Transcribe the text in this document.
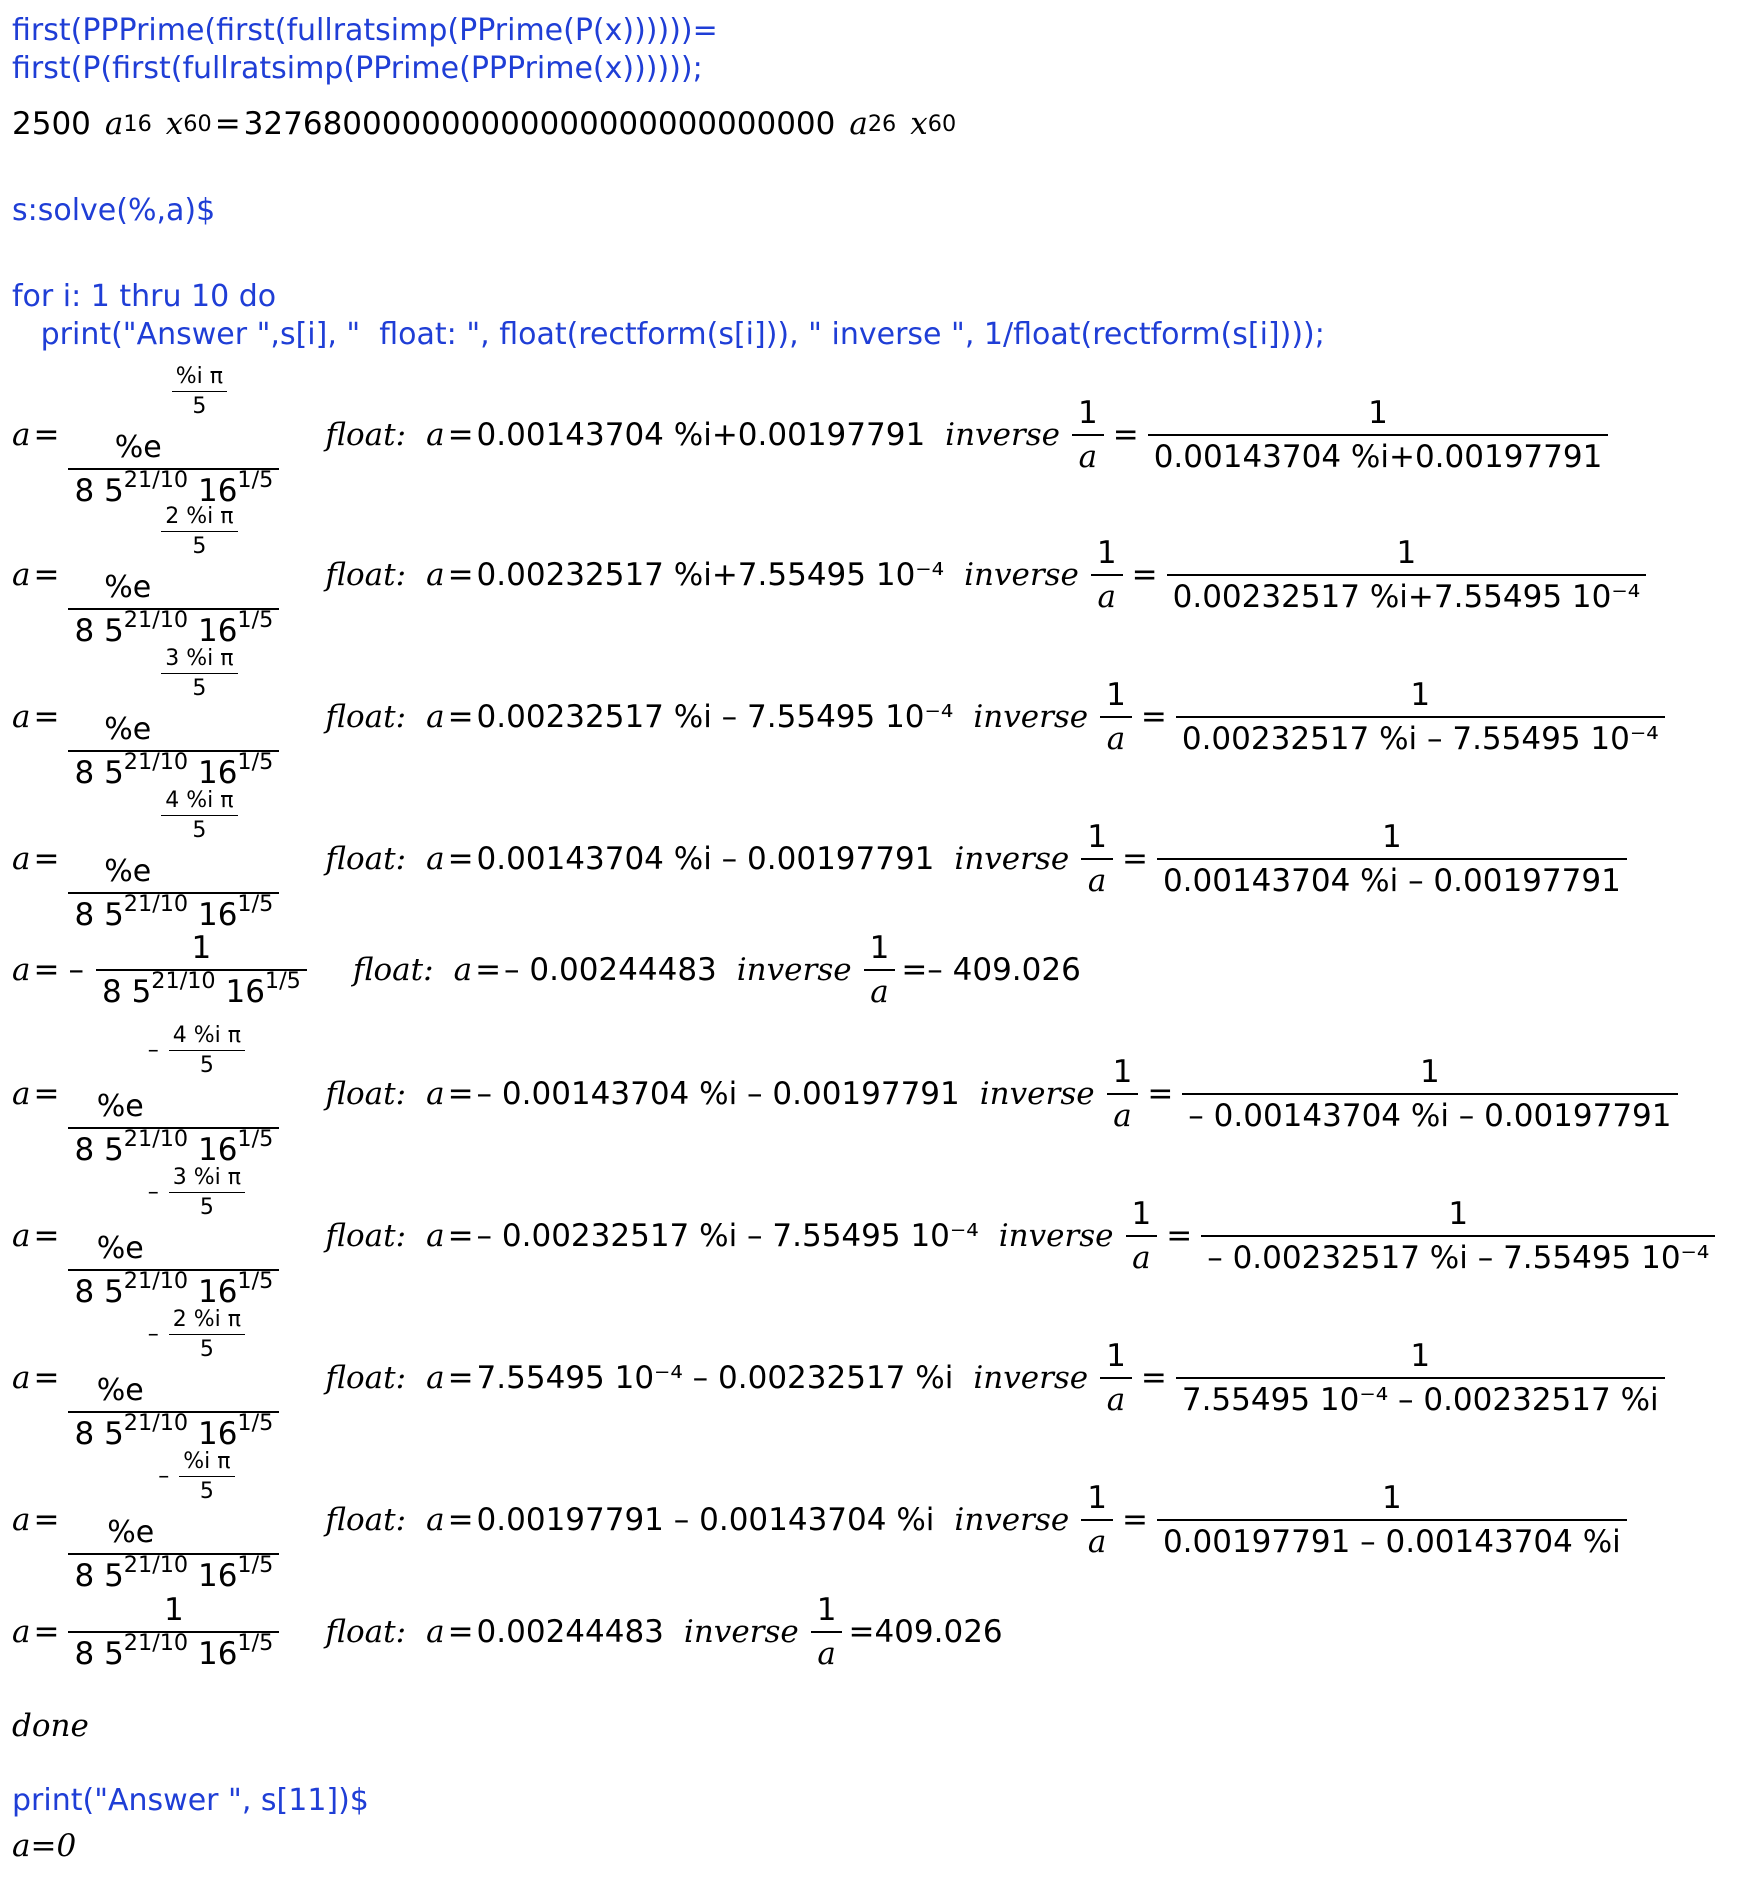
first(PPPrime(first(fullratsimp(PPrime(P(x))))))=
first(P(first(fullratsimp(PPrime(PPPrime(x))))));
2500 a 16 x 60 = 327680000000000000000000000000 a 26 x 60
s:solve(%,a)$
for i: 1 thru 10 do
print("Answer ",s[i], "  float: ", float(rectform(s[i])), " inverse ", 1/float(rectform(s[i])));
a = %e
$\frac{\text{\%i π}}{5}$
8 $5^{21/10}$ $16^{1/5}$ float: a = 0.00143704 %i+0.00197791 inverse $\frac{1}{a} = \frac{1}{0.00143704 \%i+0.00197791}$
a = %e
$\frac{\text{2 \%i π}}{5}$
8 $5^{21/10}$ $16^{1/5}$ float: a = 0.00232517 %i+7.55495 10⁻⁴ inverse $\frac{1}{a} = \frac{1}{\text{0.00232517 \%i+7.55495 10⁻⁴}}$
a = %e
$\frac{\text{3 \%i π}}{5}$
8 $5^{21/10}$ $16^{1/5}$ float: a = 0.00232517 %i – 7.55495 10⁻⁴ inverse $\frac{1}{a} = \frac{1}{\text{0.00232517 \%i – 7.55495 10⁻⁴}}$
a = %e
$\frac{\text{4 \%i π}}{5}$
8 $5^{21/10}$ $16^{1/5}$ float: a = 0.00143704 %i – 0.00197791 inverse $\frac{1}{a} = \frac{1}{0.00143704 \%i - 0.00197791}$
a = – $\frac{1}{8 5^{21/10} 16^{1/5}}$ float: a = – 0.00244483 inverse $\frac{1}{a} =- 409.026$
a = %e
– $\frac{\text{4 \%i π}}{5}$
8 $5^{21/10}$ $16^{1/5}$ float: a = – 0.00143704 %i – 0.00197791 inverse $\frac{1}{a} = \frac{1}{- 0.00143704 \%i - 0.00197791}$
a = %e
– $\frac{\text{3 \%i π}}{5}$
8 $5^{21/10}$ $16^{1/5}$ float: a = – 0.00232517 %i – 7.55495 10⁻⁴ inverse $\frac{1}{a} = \frac{1}{\text{– 0.00232517 \%i – 7.55495 10⁻⁴}}$
a = %e
– $\frac{\text{2 \%i π}}{5}$
8 $5^{21/10}$ $16^{1/5}$ float: a = 7.55495 10⁻⁴ – 0.00232517 %i inverse $\frac{1}{a} = \frac{1}{\text{7.55495 10⁻⁴ – 0.00232517 \%i}}$
a = %e
– $\frac{\text{\%i π}}{5}$
8 $5^{21/10}$ $16^{1/5}$ float: a = 0.00197791 – 0.00143704 %i inverse $\frac{1}{a} = \frac{1}{0.00197791 - 0.00143704 \%i}$
$a = \frac{1}{8 5^{21/10} 16^{1/5}}$ float: a = 0.00244483 inverse $\frac{1}{a} =409.026$
done
print("Answer ", s[11])$
a=0
